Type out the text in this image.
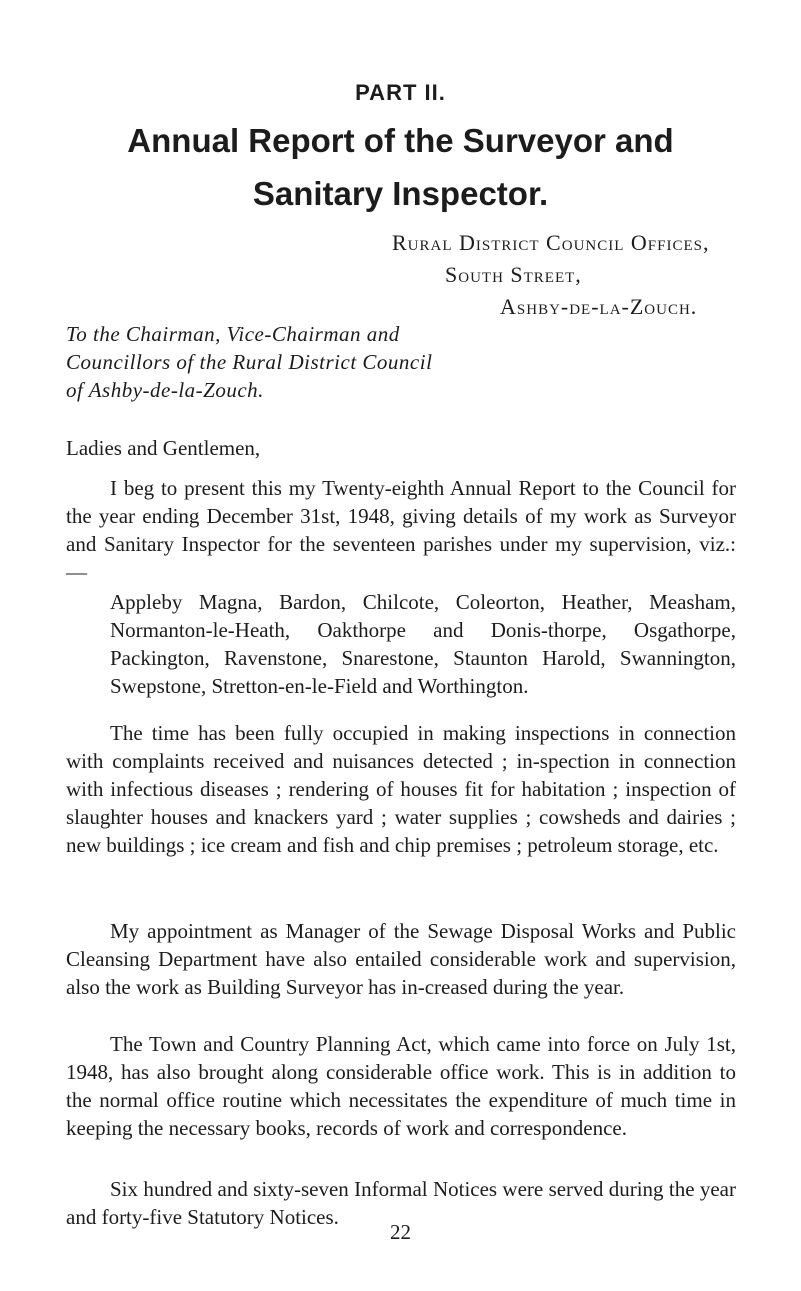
PART II.
Annual Report of the Surveyor and
Sanitary Inspector.
Rural District Council Offices,
South Street,
Ashby-de-la-Zouch.
To the Chairman, Vice-Chairman and
Councillors of the Rural District Council
of Ashby-de-la-Zouch.
Ladies and Gentlemen,
I beg to present this my Twenty-eighth Annual Report to the Council for the year ending December 31st, 1948, giving details of my work as Surveyor and Sanitary Inspector for the seventeen parishes under my supervision, viz.: —
Appleby Magna, Bardon, Chilcote, Coleorton, Heather, Measham, Normanton-le-Heath, Oakthorpe and Donis-thorpe, Osgathorpe, Packington, Ravenstone, Snarestone, Staunton Harold, Swannington, Swepstone, Stretton-en-le-Field and Worthington.
The time has been fully occupied in making inspections in connection with complaints received and nuisances detected ; in-spection in connection with infectious diseases ; rendering of houses fit for habitation ; inspection of slaughter houses and knackers yard ; water supplies ; cowsheds and dairies ; new buildings ; ice cream and fish and chip premises ; petroleum storage, etc.
My appointment as Manager of the Sewage Disposal Works and Public Cleansing Department have also entailed considerable work and supervision, also the work as Building Surveyor has in-creased during the year.
The Town and Country Planning Act, which came into force on July 1st, 1948, has also brought along considerable office work. This is in addition to the normal office routine which necessitates the expenditure of much time in keeping the necessary books, records of work and correspondence.
Six hundred and sixty-seven Informal Notices were served during the year and forty-five Statutory Notices.
22
